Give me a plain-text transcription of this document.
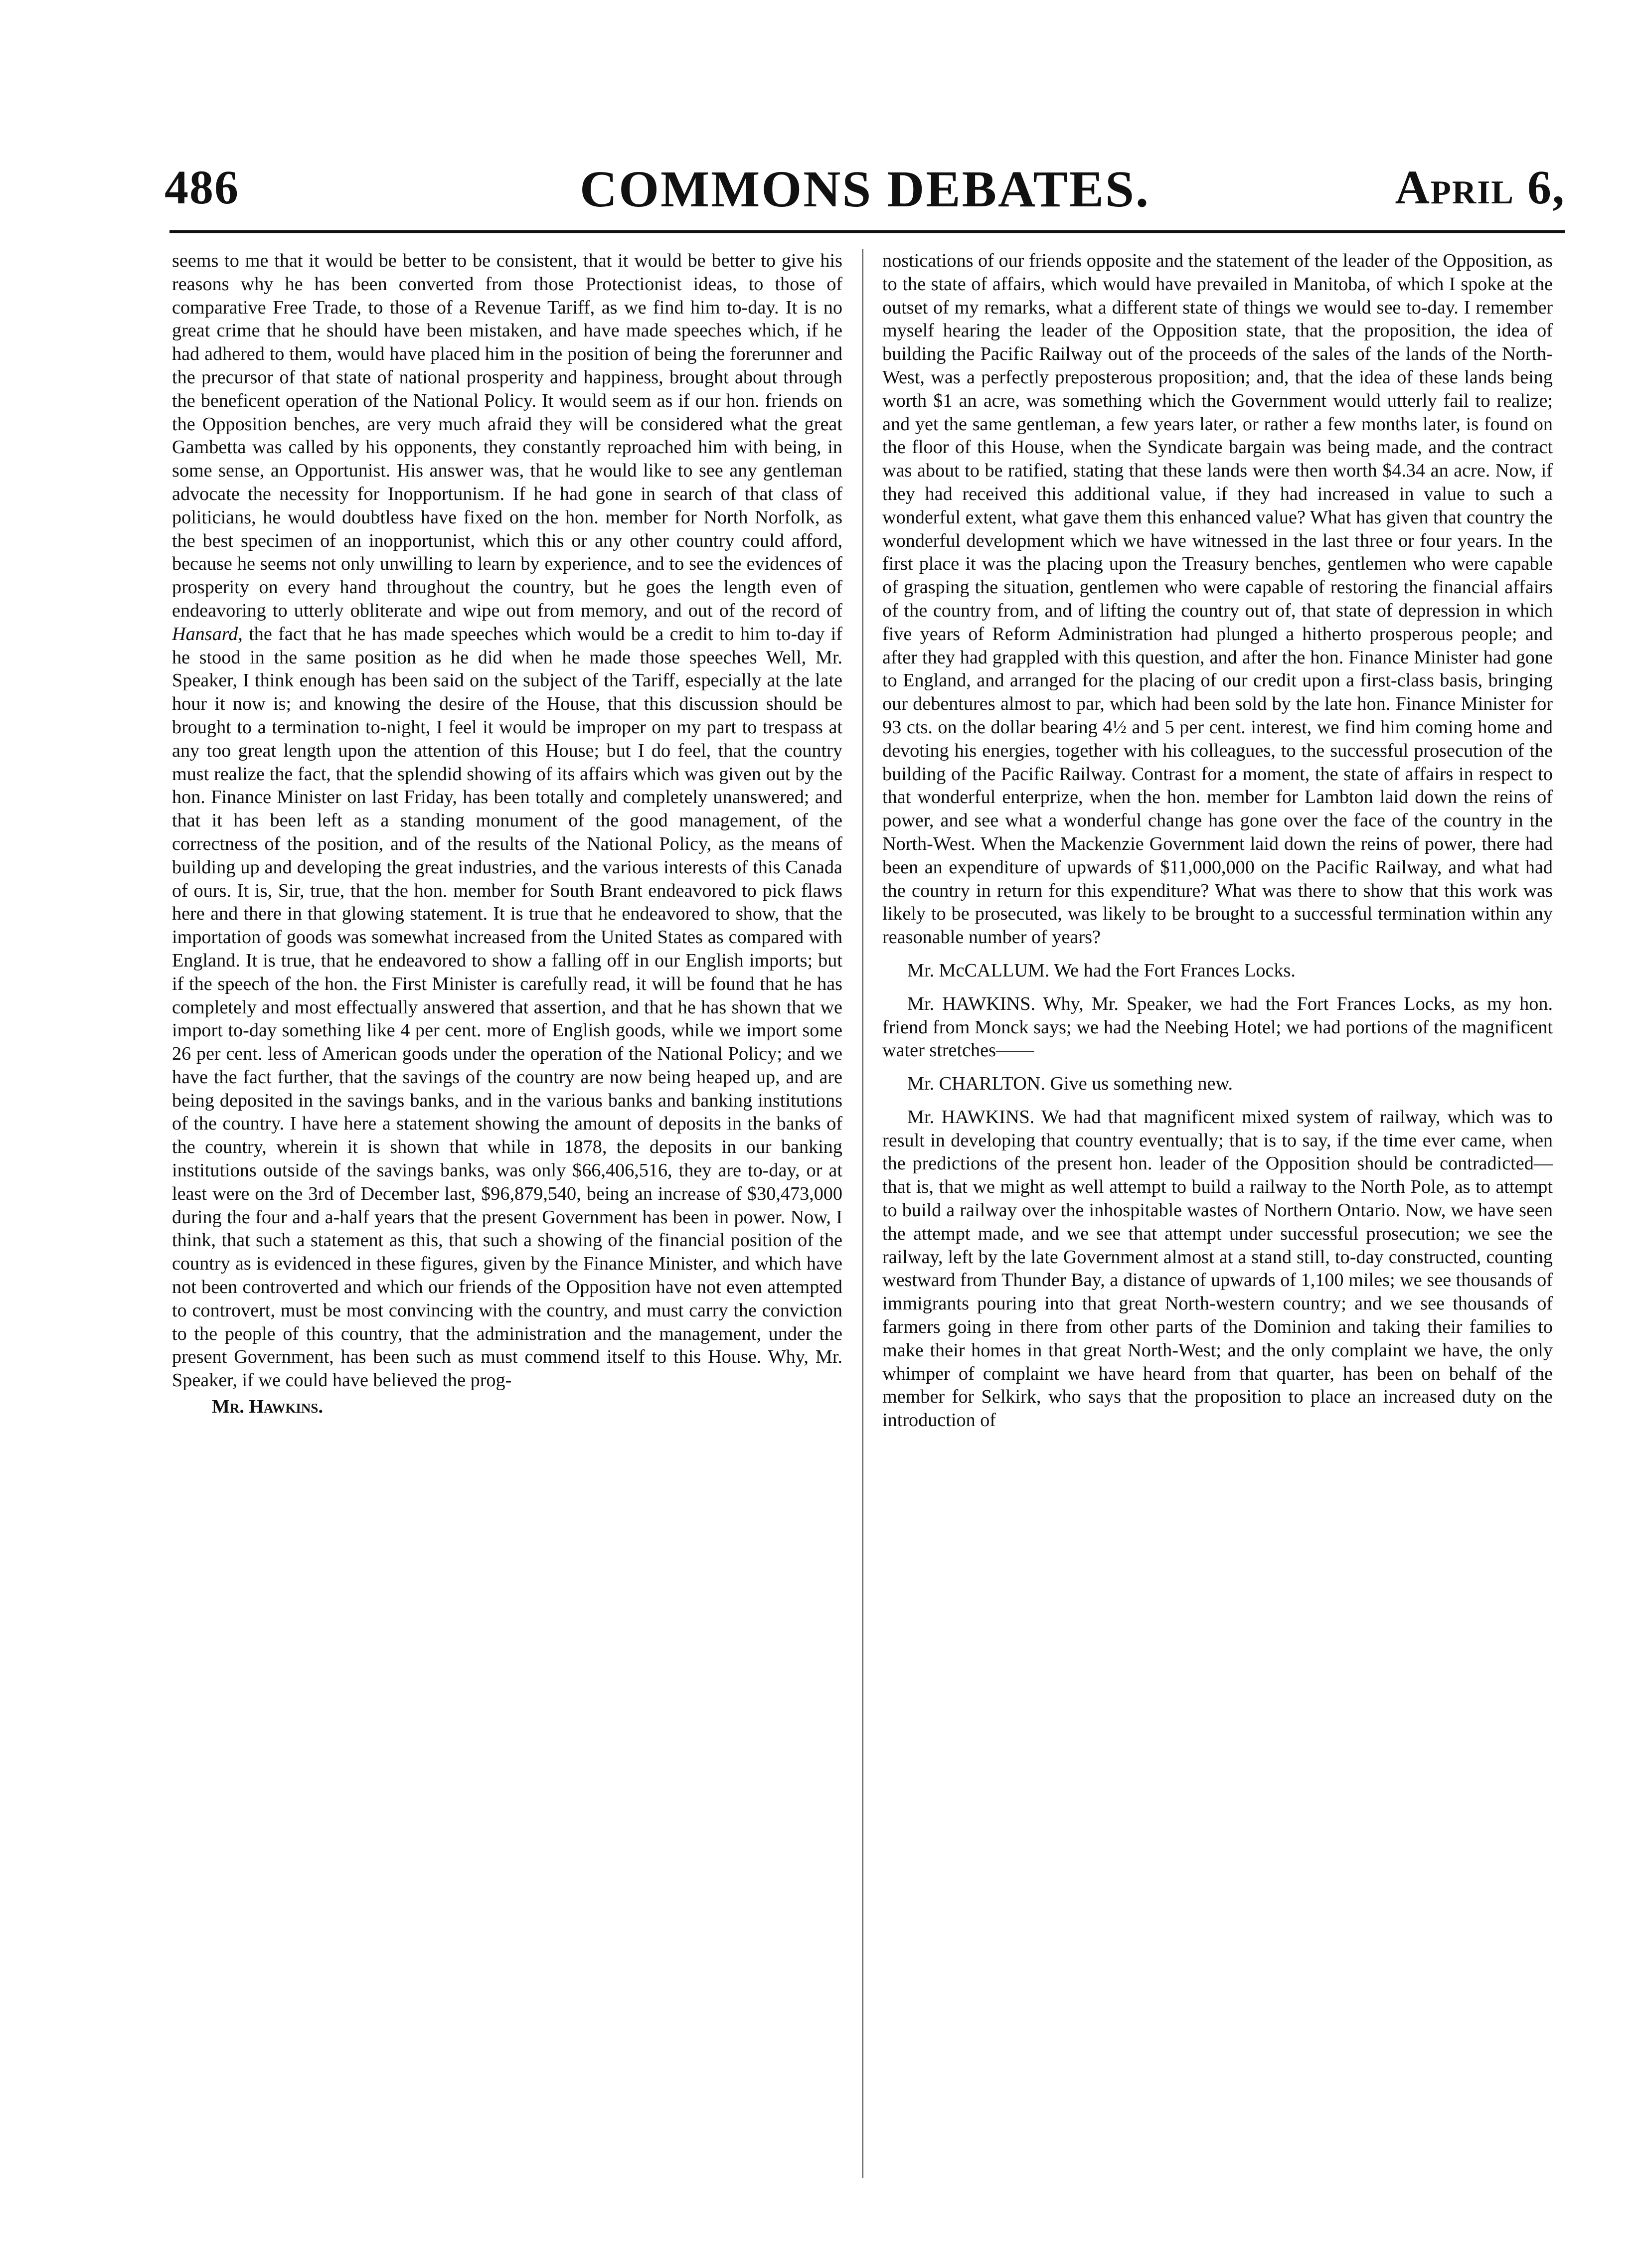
486	COMMONS DEBATES.	April 6,

seems to me that it would be better to be consistent, that it would be better to give his reasons why he has been converted from those Protectionist ideas, to those of comparative Free Trade, to those of a Revenue Tariff, as we find him to-day. It is no great crime that he should have been mistaken, and have made speeches which, if he had adhered to them, would have placed him in the position of being the forerunner and the precursor of that state of national prosperity and happiness, brought about through the beneficent operation of the National Policy. It would seem as if our hon. friends on the Opposition benches, are very much afraid they will be considered what the great Gambetta was called by his opponents, they constantly reproached him with being, in some sense, an Opportunist. His answer was, that he would like to see any gentleman advocate the necessity for Inopportunism. If he had gone in search of that class of politicians, he would doubtless have fixed on the hon. member for North Norfolk, as the best specimen of an inopportunist, which this or any other country could afford, because he seems not only unwilling to learn by experience, and to see the evidences of prosperity on every hand throughout the country, but he goes the length even of endeavoring to utterly obliterate and wipe out from memory, and out of the record of Hansard, the fact that he has made speeches which would be a credit to him to-day if he stood in the same position as he did when he made those speeches Well, Mr. Speaker, I think enough has been said on the subject of the Tariff, especially at the late hour it now is; and knowing the desire of the House, that this discussion should be brought to a termination to-night, I feel it would be improper on my part to trespass at any too great length upon the attention of this House; but I do feel, that the country must realize the fact, that the splendid showing of its affairs which was given out by the hon. Finance Minister on last Friday, has been totally and completely unanswered; and that it has been left as a standing monument of the good management, of the correctness of the position, and of the results of the National Policy, as the means of building up and developing the great industries, and the various interests of this Canada of ours. It is, Sir, true, that the hon. member for South Brant endeavored to pick flaws here and there in that glowing statement. It is true that he endeavored to show, that the importation of goods was somewhat increased from the United States as compared with England. It is true, that he endeavored to show a falling off in our English imports; but if the speech of the hon. the First Minister is carefully read, it will be found that he has completely and most effectually answered that assertion, and that he has shown that we import to-day something like 4 per cent. more of English goods, while we import some 26 per cent. less of American goods under the operation of the National Policy; and we have the fact further, that the savings of the country are now being heaped up, and are being deposited in the savings banks, and in the various banks and banking institutions of the country. I have here a statement showing the amount of deposits in the banks of the country, wherein it is shown that while in 1878, the deposits in our banking institutions outside of the savings banks, was only $66,406,516, they are to-day, or at least were on the 3rd of December last, $96,879,540, being an increase of $30,473,000 during the four and a-half years that the present Government has been in power. Now, I think, that such a statement as this, that such a showing of the financial position of the country as is evidenced in these figures, given by the Finance Minister, and which have not been controverted and which our friends of the Opposition have not even attempted to controvert, must be most convincing with the country, and must carry the conviction to the people of this country, that the administration and the management, under the present Government, has been such as must commend itself to this House. Why, Mr. Speaker, if we could have believed the prog-

Mr. Hawkins.

nostications of our friends opposite and the statement of the leader of the Opposition, as to the state of affairs, which would have prevailed in Manitoba, of which I spoke at the outset of my remarks, what a different state of things we would see to-day. I remember myself hearing the leader of the Opposition state, that the proposition, the idea of building the Pacific Railway out of the proceeds of the sales of the lands of the North-West, was a perfectly preposterous proposition; and, that the idea of these lands being worth $1 an acre, was something which the Government would utterly fail to realize; and yet the same gentleman, a few years later, or rather a few months later, is found on the floor of this House, when the Syndicate bargain was being made, and the contract was about to be ratified, stating that these lands were then worth $4.34 an acre. Now, if they had received this additional value, if they had increased in value to such a wonderful extent, what gave them this enhanced value? What has given that country the wonderful development which we have witnessed in the last three or four years. In the first place it was the placing upon the Treasury benches, gentlemen who were capable of grasping the situation, gentlemen who were capable of restoring the financial affairs of the country from, and of lifting the country out of, that state of depression in which five years of Reform Administration had plunged a hitherto prosperous people; and after they had grappled with this question, and after the hon. Finance Minister had gone to England, and arranged for the placing of our credit upon a first-class basis, bringing our debentures almost to par, which had been sold by the late hon. Finance Minister for 93 cts. on the dollar bearing 4½ and 5 per cent. interest, we find him coming home and devoting his energies, together with his colleagues, to the successful prosecution of the building of the Pacific Railway. Contrast for a moment, the state of affairs in respect to that wonderful enterprize, when the hon. member for Lambton laid down the reins of power, and see what a wonderful change has gone over the face of the country in the North-West. When the Mackenzie Government laid down the reins of power, there had been an expenditure of upwards of $11,000,000 on the Pacific Railway, and what had the country in return for this expenditure? What was there to show that this work was likely to be prosecuted, was likely to be brought to a successful termination within any reasonable number of years?

Mr. McCALLUM. We had the Fort Frances Locks.

Mr. HAWKINS. Why, Mr. Speaker, we had the Fort Frances Locks, as my hon. friend from Monck says; we had the Neebing Hotel; we had portions of the magnificent water stretches——

Mr. CHARLTON. Give us something new.

Mr. HAWKINS. We had that magnificent mixed system of railway, which was to result in developing that country eventually; that is to say, if the time ever came, when the predictions of the present hon. leader of the Opposition should be contradicted—that is, that we might as well attempt to build a railway to the North Pole, as to attempt to build a railway over the inhospitable wastes of Northern Ontario. Now, we have seen the attempt made, and we see that attempt under successful prosecution; we see the railway, left by the late Government almost at a stand still, to-day constructed, counting westward from Thunder Bay, a distance of upwards of 1,100 miles; we see thousands of immigrants pouring into that great North-western country; and we see thousands of farmers going in there from other parts of the Dominion and taking their families to make their homes in that great North-West; and the only complaint we have, the only whimper of complaint we have heard from that quarter, has been on behalf of the member for Selkirk, who says that the proposition to place an increased duty on the introduction of
